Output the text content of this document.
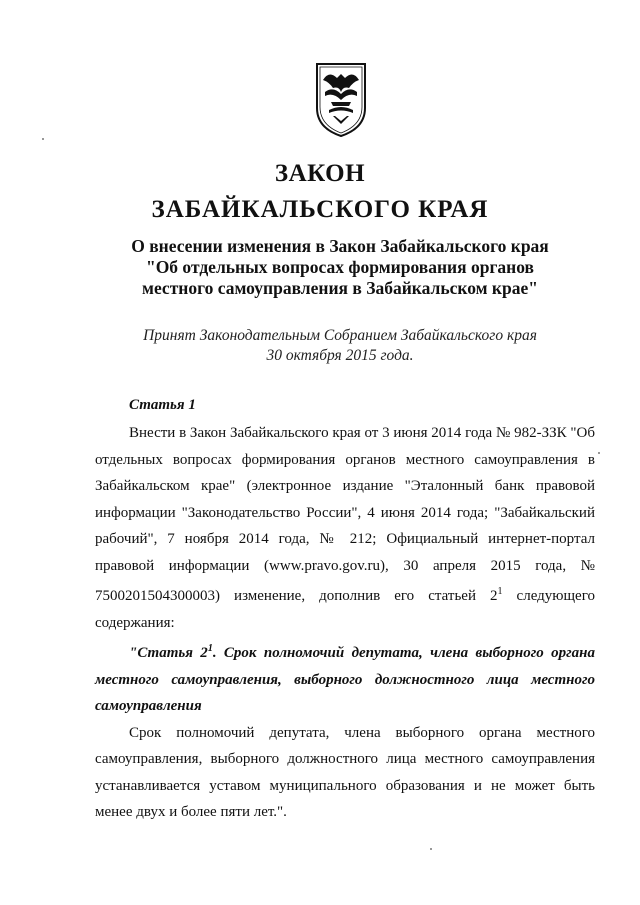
ЗАКОН
ЗАБАЙКАЛЬСКОГО КРАЯ
О внесении изменения в Закон Забайкальского края
"Об отдельных вопросах формирования органов
местного самоуправления в Забайкальском крае"
Принят Законодательным Собранием Забайкальского края
30 октября 2015 года.
Статья 1

Внести в Закон Забайкальского края от 3 июня 2014 года № 982-ЗЗК "Об отдельных вопросах формирования органов местного самоуправления в Забайкальском крае" (электронное издание "Эталонный банк правовой информации "Законодательство России", 4 июня 2014 года; "Забайкальский рабочий", 7 ноября 2014 года, № 212; Официальный интернет-портал правовой информации (www.pravo.gov.ru), 30 апреля 2015 года, № 7500201504300003) изменение, дополнив его статьей $2^1$ следующего содержания:

"Статья $2^1$. Срок полномочий депутата, члена выборного органа местного самоуправления, выборного должностного лица местного самоуправления

Срок полномочий депутата, члена выборного органа местного самоуправления, выборного должностного лица местного самоуправления устанавливается уставом муниципального образования и не может быть менее двух и более пяти лет.".
